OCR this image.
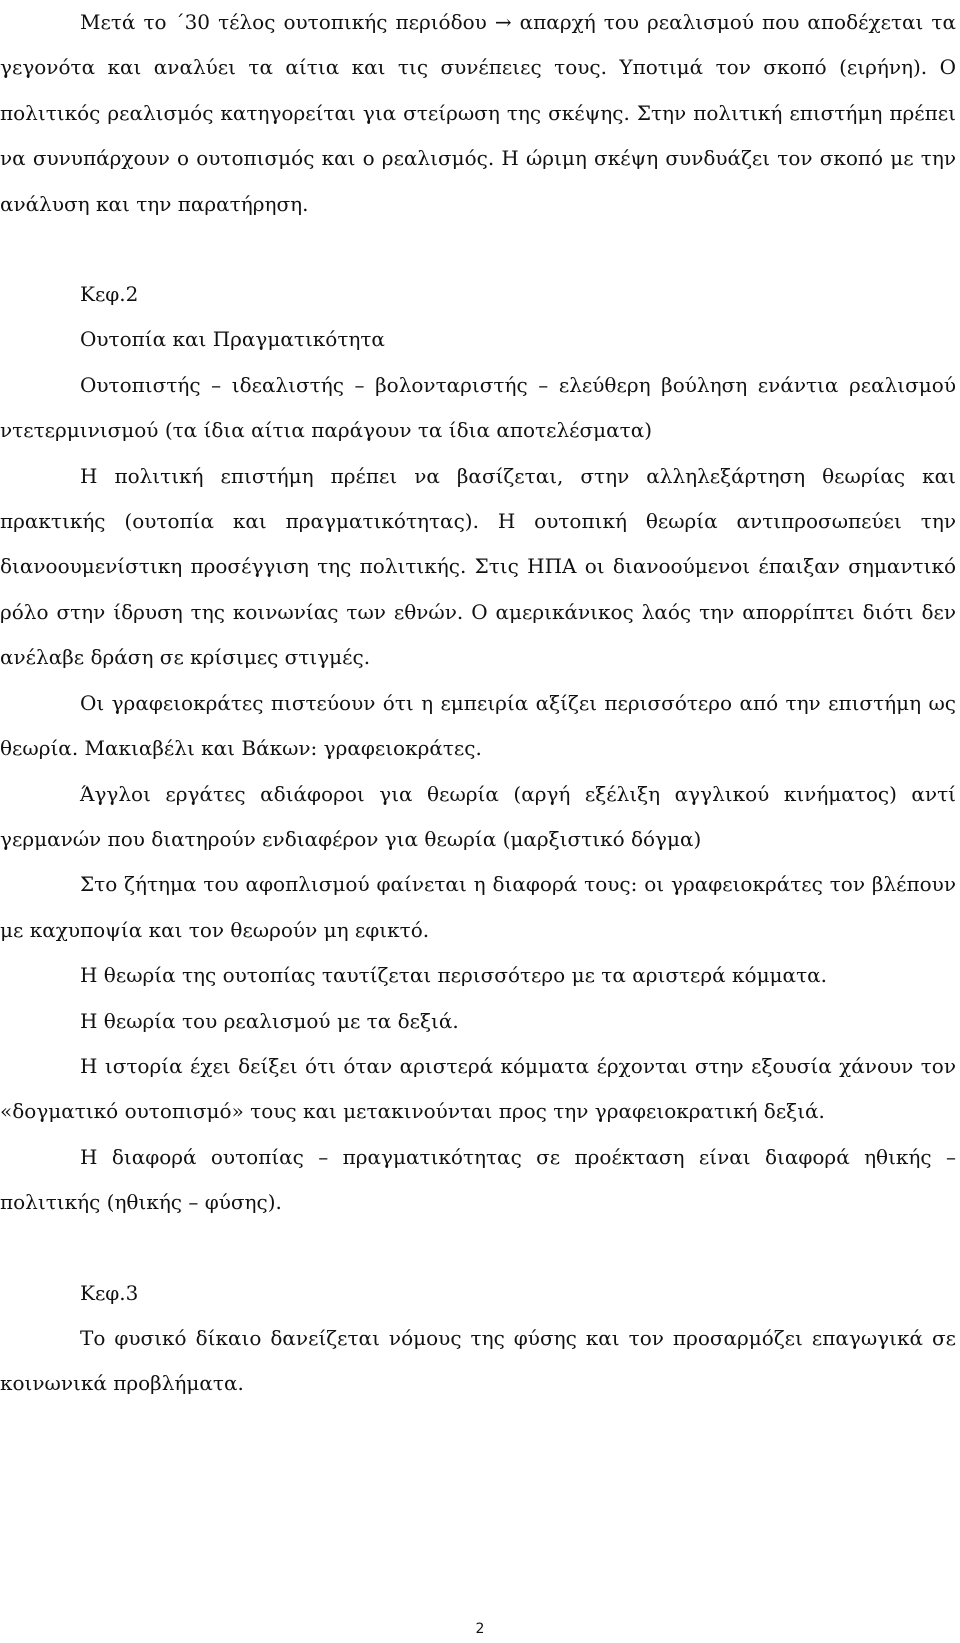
Μετά το ΄30 τέλος ουτοπικής περιόδου → απαρχή του ρεαλισμού που αποδέχεται τα γεγονότα και αναλύει τα αίτια και τις συνέπειες τους. Υποτιμά τον σκοπό (ειρήνη). Ο πολιτικός ρεαλισμός κατηγορείται για στείρωση της σκέψης. Στην πολιτική επιστήμη πρέπει να συνυπάρχουν ο ουτοπισμός και ο ρεαλισμός. Η ώριμη σκέψη συνδυάζει τον σκοπό με την ανάλυση και την παρατήρηση.

Κεφ.2

Ουτοπία και Πραγματικότητα

Ουτοπιστής – ιδεαλιστής – βολονταριστής – ελεύθερη βούληση ενάντια ρεαλισμού ντετερμινισμού (τα ίδια αίτια παράγουν τα ίδια αποτελέσματα)

Η πολιτική επιστήμη πρέπει να βασίζεται, στην αλληλεξάρτηση θεωρίας και πρακτικής (ουτοπία και πραγματικότητας). Η ουτοπική θεωρία αντιπροσωπεύει την διανοουμενίστικη προσέγγιση της πολιτικής. Στις ΗΠΑ οι διανοούμενοι έπαιξαν σημαντικό ρόλο στην ίδρυση της κοινωνίας των εθνών. Ο αμερικάνικος λαός την απορρίπτει διότι δεν ανέλαβε δράση σε κρίσιμες στιγμές.

Οι γραφειοκράτες πιστεύουν ότι η εμπειρία αξίζει περισσότερο από την επιστήμη ως θεωρία. Μακιαβέλι και Βάκων: γραφειοκράτες.

Άγγλοι εργάτες αδιάφοροι για θεωρία (αργή εξέλιξη αγγλικού κινήματος) αντί γερμανών που διατηρούν ενδιαφέρον για θεωρία (μαρξιστικό δόγμα)

Στο ζήτημα του αφοπλισμού φαίνεται η διαφορά τους: οι γραφειοκράτες τον βλέπουν με καχυποψία και τον θεωρούν μη εφικτό.

Η θεωρία της ουτοπίας ταυτίζεται περισσότερο με τα αριστερά κόμματα.

Η θεωρία του ρεαλισμού με τα δεξιά.

Η ιστορία έχει δείξει ότι όταν αριστερά κόμματα έρχονται στην εξουσία χάνουν τον «δογματικό ουτοπισμό» τους και μετακινούνται προς την γραφειοκρατική δεξιά.

Η διαφορά ουτοπίας – πραγματικότητας σε προέκταση είναι διαφορά ηθικής – πολιτικής (ηθικής – φύσης).

Κεφ.3

Το φυσικό δίκαιο δανείζεται νόμους της φύσης και τον προσαρμόζει επαγωγικά σε κοινωνικά προβλήματα.

2
